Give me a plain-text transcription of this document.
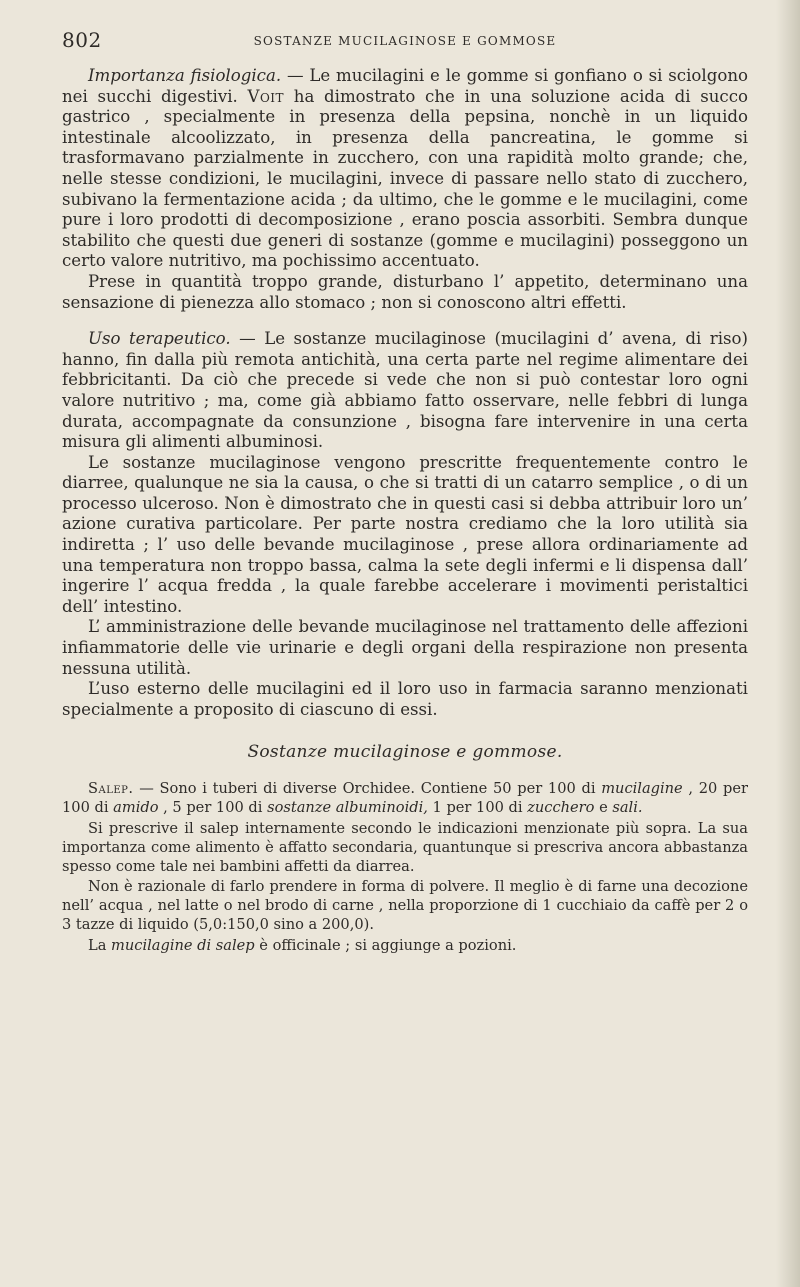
802	SOSTANZE MUCILAGINOSE E GOMMOSE

Importanza fisiologica. — Le mucilagini e le gomme si gonfiano o si sciolgono nei succhi digestivi. Voit ha dimostrato che in una soluzione acida di succo gastrico , specialmente in presenza della pepsina, nonchè in un liquido intestinale alcoolizzato, in presenza della pancreatina, le gomme si trasformavano parzialmente in zucchero, con una rapidità molto grande; che, nelle stesse condizioni, le mucilagini, invece di passare nello stato di zucchero, subivano la fermentazione acida ; da ultimo, che le gomme e le mucilagini, come pure i loro prodotti di decomposizione , erano poscia assorbiti. Sembra dunque stabilito che questi due generi di sostanze (gomme e mucilagini) posseggono un certo valore nutritivo, ma pochissimo accentuato.

Prese in quantità troppo grande, disturbano l’ appetito, determinano una sensazione di pienezza allo stomaco ; non si conoscono altri effetti.

Uso terapeutico. — Le sostanze mucilaginose (mucilagini d’ avena, di riso) hanno, fin dalla più remota antichità, una certa parte nel regime alimentare dei febbricitanti. Da ciò che precede si vede che non si può contestar loro ogni valore nutritivo ; ma, come già abbiamo fatto osservare, nelle febbri di lunga durata, accompagnate da consunzione , bisogna fare intervenire in una certa misura gli alimenti albuminosi.

Le sostanze mucilaginose vengono prescritte frequentemente contro le diarree, qualunque ne sia la causa, o che si tratti di un catarro semplice , o di un processo ulceroso. Non è dimostrato che in questi casi si debba attribuir loro un’ azione curativa particolare. Per parte nostra crediamo che la loro utilità sia indiretta ; l’ uso delle bevande mucilaginose , prese allora ordinariamente ad una temperatura non troppo bassa, calma la sete degli infermi e li dispensa dall’ ingerire l’ acqua fredda , la quale farebbe accelerare i movimenti peristaltici dell’ intestino.

L’ amministrazione delle bevande mucilaginose nel trattamento delle affezioni infiammatorie delle vie urinarie e degli organi della respirazione non presenta nessuna utilità.

L’uso esterno delle mucilagini ed il loro uso in farmacia saranno menzionati specialmente a proposito di ciascuno di essi.

Sostanze mucilaginose e gommose.

Salep. — Sono i tuberi di diverse Orchidee. Contiene 50 per 100 di mucilagine , 20 per 100 di amido , 5 per 100 di sostanze albuminoidi, 1 per 100 di zucchero e sali.

Si prescrive il salep internamente secondo le indicazioni menzionate più sopra. La sua importanza come alimento è affatto secondaria, quantunque si prescriva ancora abbastanza spesso come tale nei bambini affetti da diarrea.

Non è razionale di farlo prendere in forma di polvere. Il meglio è di farne una decozione nell’ acqua , nel latte o nel brodo di carne , nella proporzione di 1 cucchiaio da caffè per 2 o 3 tazze di liquido (5,0:150,0 sino a 200,0).

La mucilagine di salep è officinale ; si aggiunge a pozioni.
